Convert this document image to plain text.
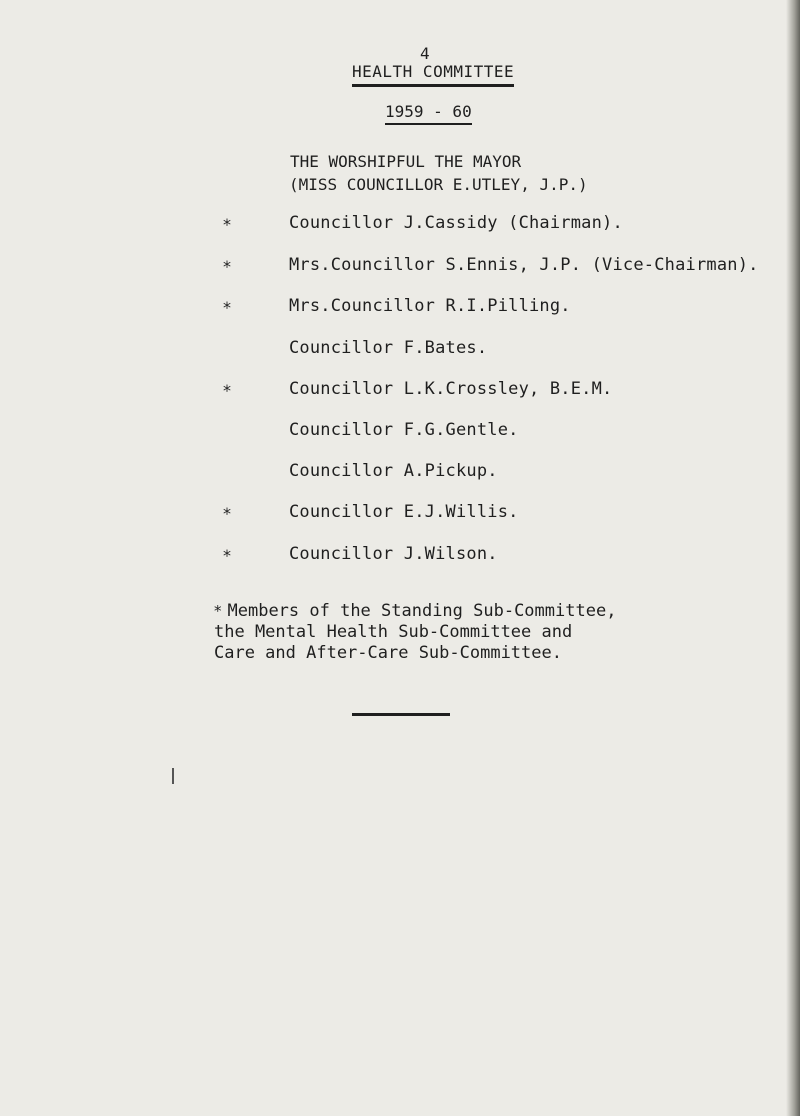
4
HEALTH COMMITTEE
1959 - 60
THE WORSHIPFUL THE MAYOR
(MISS COUNCILLOR E.UTLEY, J.P.)
*	Councillor J.Cassidy (Chairman).
*	Mrs.Councillor S.Ennis, J.P. (Vice-Chairman).
*	Mrs.Councillor R.I.Pilling.
Councillor F.Bates.
*	Councillor L.K.Crossley, B.E.M.
Councillor F.G.Gentle.
Councillor A.Pickup.
*	Councillor E.J.Willis.
*	Councillor J.Wilson.
* Members of the Standing Sub-Committee,
the Mental Health Sub-Committee and
Care and After-Care Sub-Committee.
